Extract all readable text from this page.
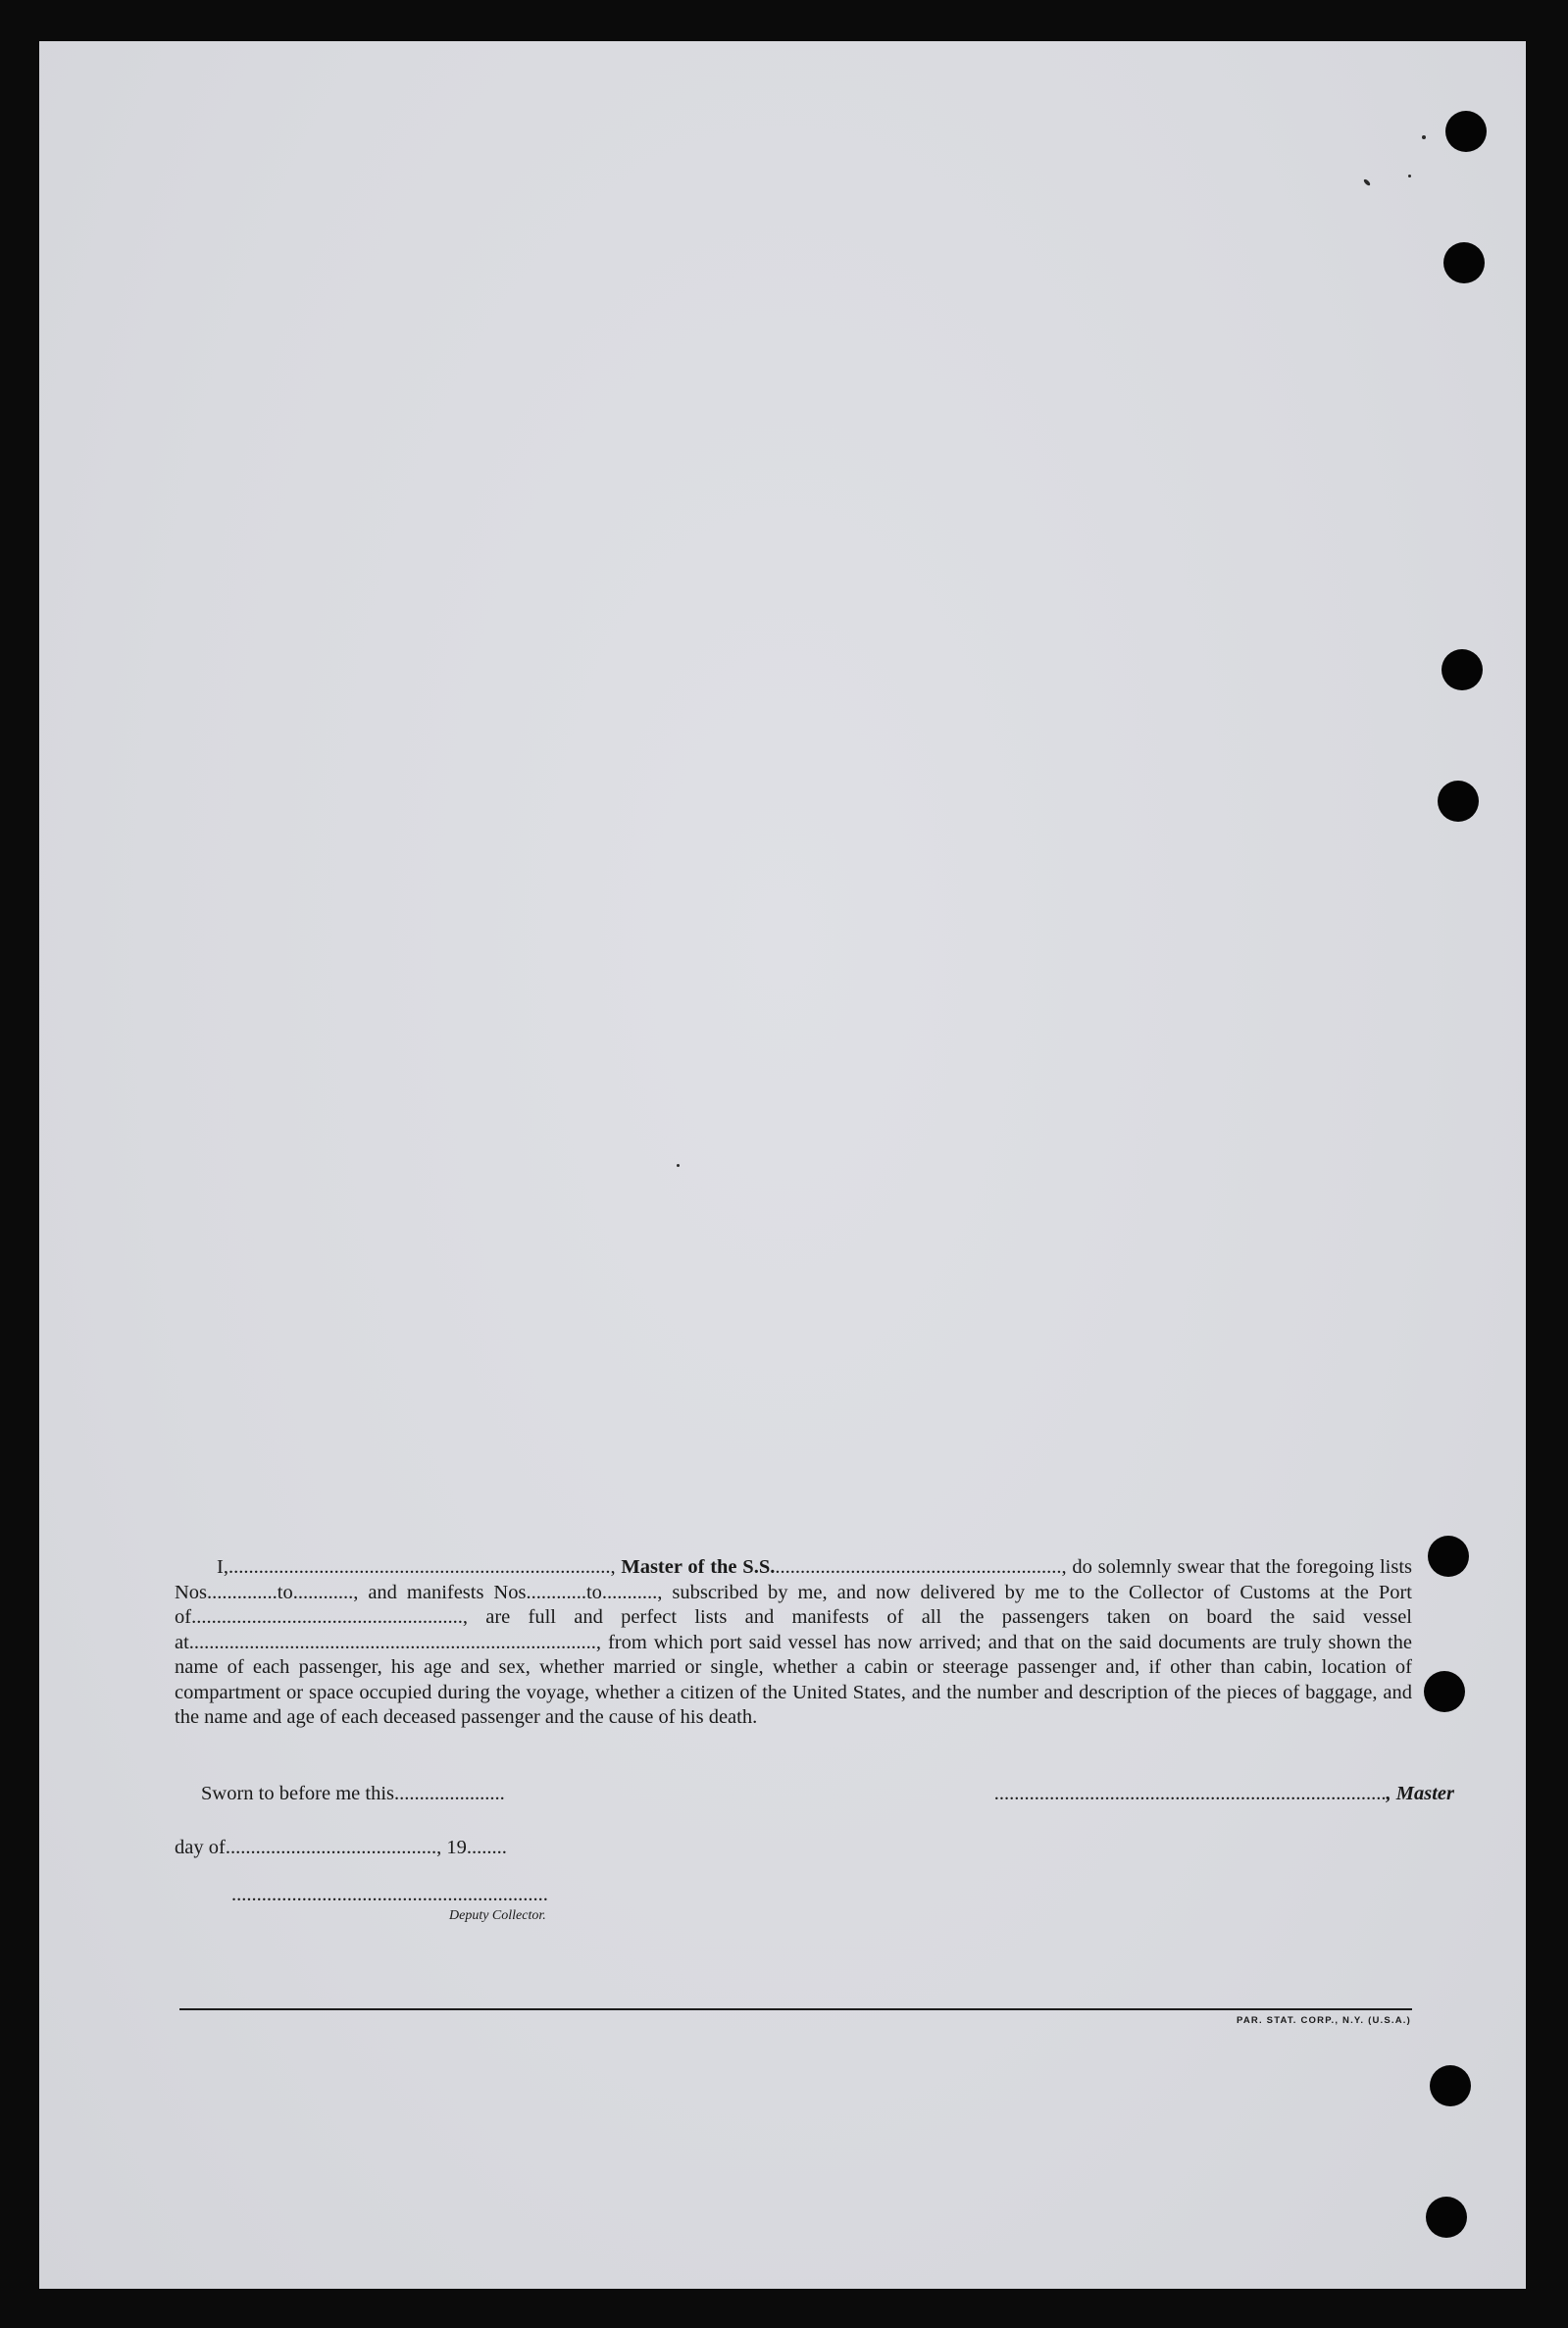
I,............................................................................, Master of the S.S.........................................................., do solemnly swear that the foregoing lists Nos..............to............, and manifests Nos............to..........., subscribed by me, and now delivered by me to the Collector of Customs at the Port of......................................................, are full and perfect lists and manifests of all the passengers taken on board the said vessel at................................................................................., from which port said vessel has now arrived; and that on the said documents are truly shown the name of each passenger, his age and sex, whether married or single, whether a cabin or steerage passenger and, if other than cabin, location of compartment or space occupied during the voyage, whether a citizen of the United States, and the number and description of the pieces of baggage, and the name and age of each deceased passenger and the cause of his death.

Sworn to before me this......................	.............................................................................., Master
day of.........................................., 19........
...............................................................
Deputy Collector.
PAR. STAT. CORP., N.Y. (U.S.A.)
